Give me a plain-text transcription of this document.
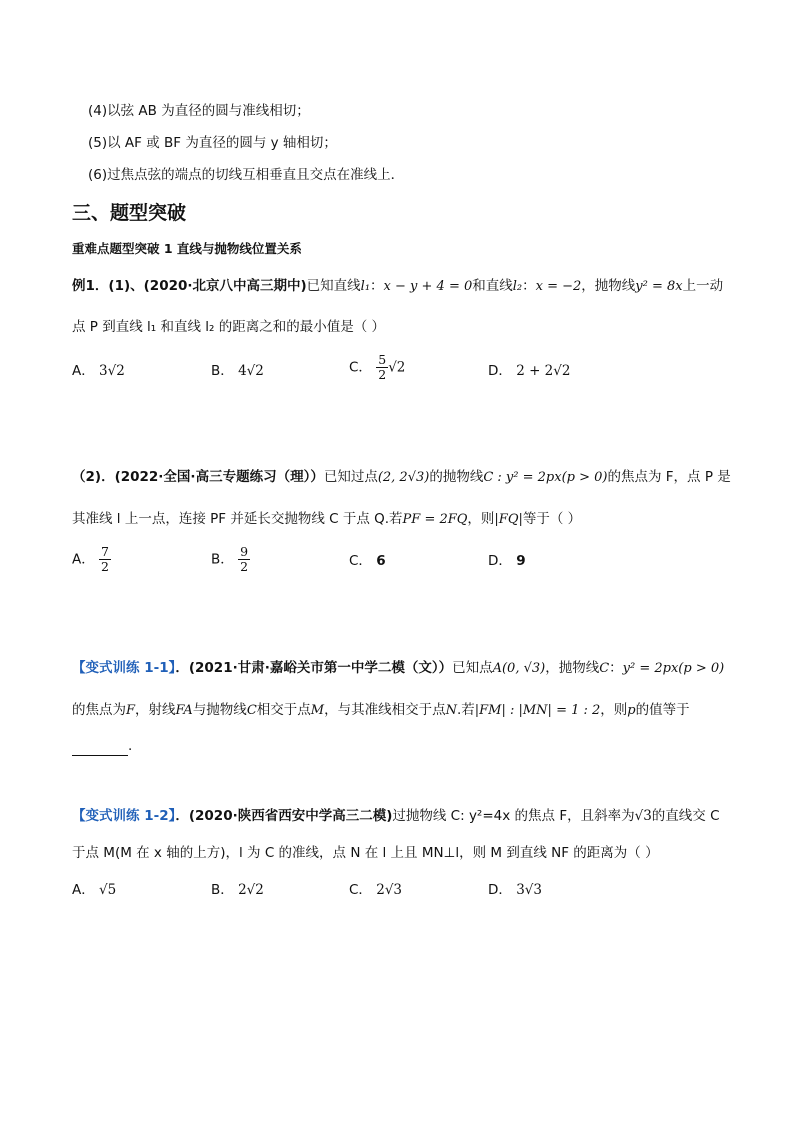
(4)以弦 AB 为直径的圆与准线相切；
(5)以 AF 或 BF 为直径的圆与 y 轴相切；
(6)过焦点弦的端点的切线互相垂直且交点在准线上．
三、题型突破
重难点题型突破 1 直线与抛物线位置关系
例1．(1)、(2020·北京八中高三期中)已知直线l₁：x − y + 4 = 0和直线l₂：x = −2，抛物线y² = 8x上一动
点 P 到直线 l₁ 和直线 l₂ 的距离之和的最小值是（ ）
A． 3√2	B． 4√2	C． $\frac{5}{2} √2$	D． 2 + 2√2
（2)．(2022·全国·高三专题练习（理））已知过点(2, 2√3)的抛物线C : y² = 2px(p > 0)的焦点为 F，点 P 是
其准线 l 上一点，连接 PF 并延长交抛物线 C 于点 Q.若PF = 2FQ，则|FQ|等于（ ）
A． $\frac{7}{2}$	B． $\frac{9}{2}$	C． 6	D． 9
【变式训练 1-1】．(2021·甘肃·嘉峪关市第一中学二模（文））已知点A(0, √3)，抛物线C：y² = 2px(p > 0)
的焦点为F，射线FA与抛物线C相交于点M，与其准线相交于点N.若|FM| : |MN| = 1 : 2，则p的值等于
.
【变式训练 1-2】．(2020·陕西省西安中学高三二模)过抛物线 C: y²=4x 的焦点 F，且斜率为√3的直线交 C
于点 M(M 在 x 轴的上方)，l 为 C 的准线，点 N 在 l 上且 MN⊥l，则 M 到直线 NF 的距离为（ ）
A． √5	B． 2√2	C． 2√3	D． 3√3
